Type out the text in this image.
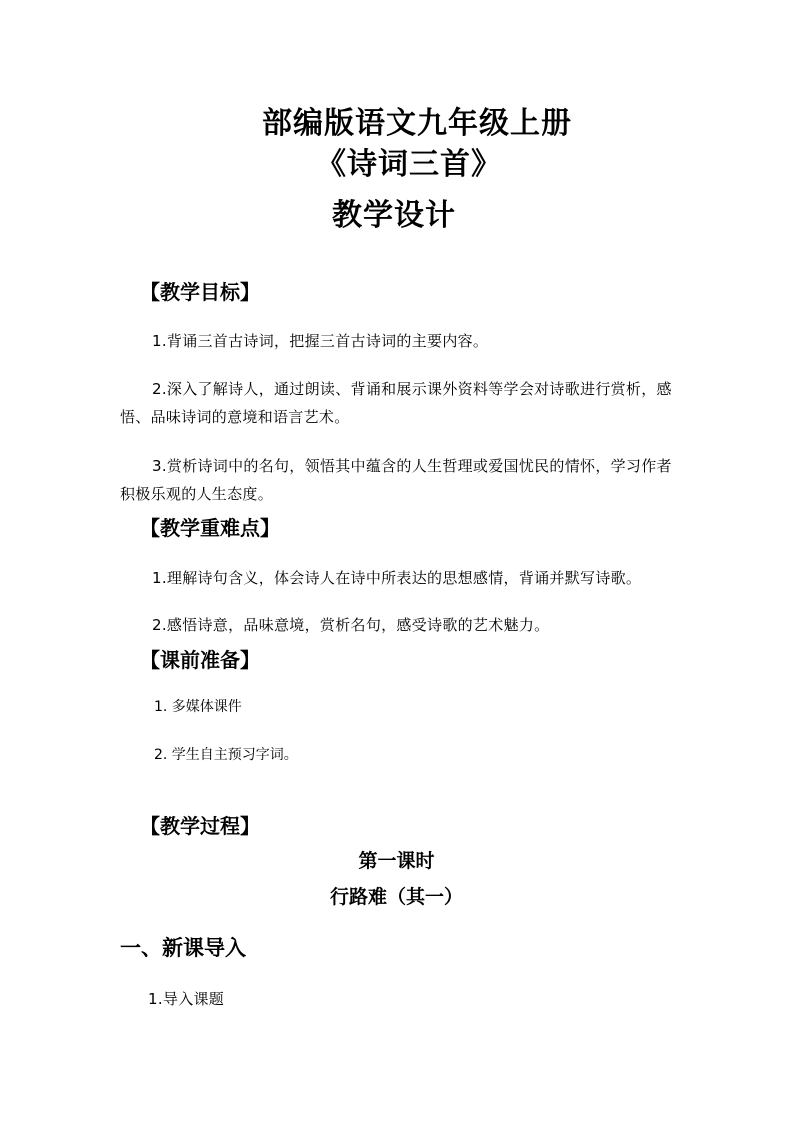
部编版语文九年级上册
《诗词三首》
教学设计
【教学目标】
1.背诵三首古诗词，把握三首古诗词的主要内容。
2.深入了解诗人，通过朗读、背诵和展示课外资料等学会对诗歌进行赏析，感
悟、品味诗词的意境和语言艺术。
3.赏析诗词中的名句，领悟其中蕴含的人生哲理或爱国忧民的情怀，学习作者
积极乐观的人生态度。
【教学重难点】
1.理解诗句含义，体会诗人在诗中所表达的思想感情，背诵并默写诗歌。
2.感悟诗意，品味意境，赏析名句，感受诗歌的艺术魅力。
【课前准备】
1. 多媒体课件
2. 学生自主预习字词。
【教学过程】
第一课时
行路难（其一）
一、新课导入
1.导入课题
